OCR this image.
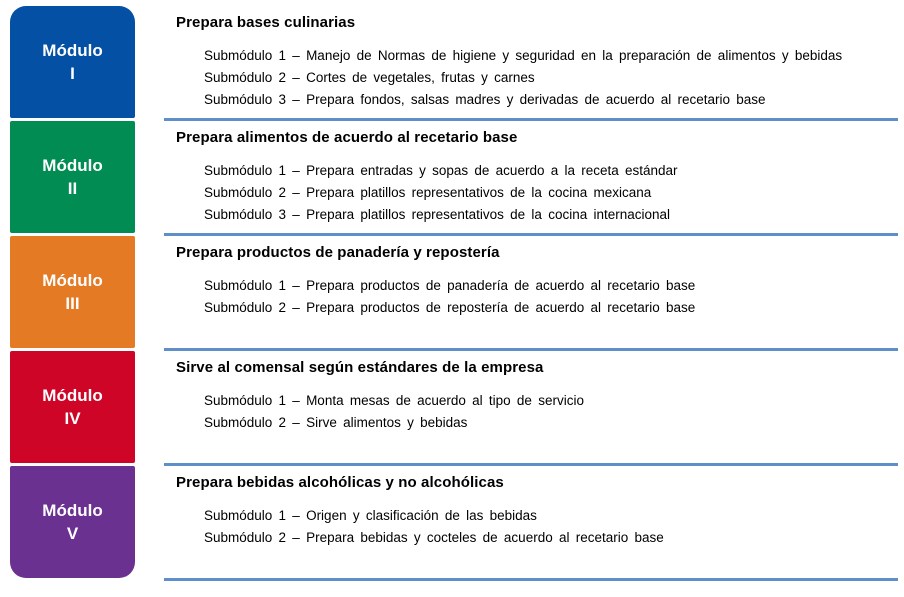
Módulo
I
Prepara bases culinarias
Submódulo 1 – Manejo de Normas de higiene y seguridad en la preparación de alimentos y bebidas
Submódulo 2 – Cortes de vegetales, frutas y carnes
Submódulo 3 – Prepara fondos, salsas madres y derivadas de acuerdo al recetario base
Módulo
II
Prepara alimentos de acuerdo al recetario base
Submódulo 1 – Prepara entradas y sopas de acuerdo a la receta estándar
Submódulo 2 – Prepara platillos representativos de la cocina mexicana
Submódulo 3 – Prepara platillos representativos de la cocina internacional
Módulo
III
Prepara productos de panadería y repostería
Submódulo 1 – Prepara productos de panadería de acuerdo al recetario base
Submódulo 2 – Prepara productos de repostería de acuerdo al recetario base
Módulo
IV
Sirve al comensal según estándares de la empresa
Submódulo 1 – Monta mesas de acuerdo al tipo de servicio
Submódulo 2 – Sirve alimentos y bebidas
Módulo
V
Prepara bebidas alcohólicas y no alcohólicas
Submódulo 1 – Origen y clasificación de las bebidas
Submódulo 2 – Prepara bebidas y cocteles de acuerdo al recetario base
